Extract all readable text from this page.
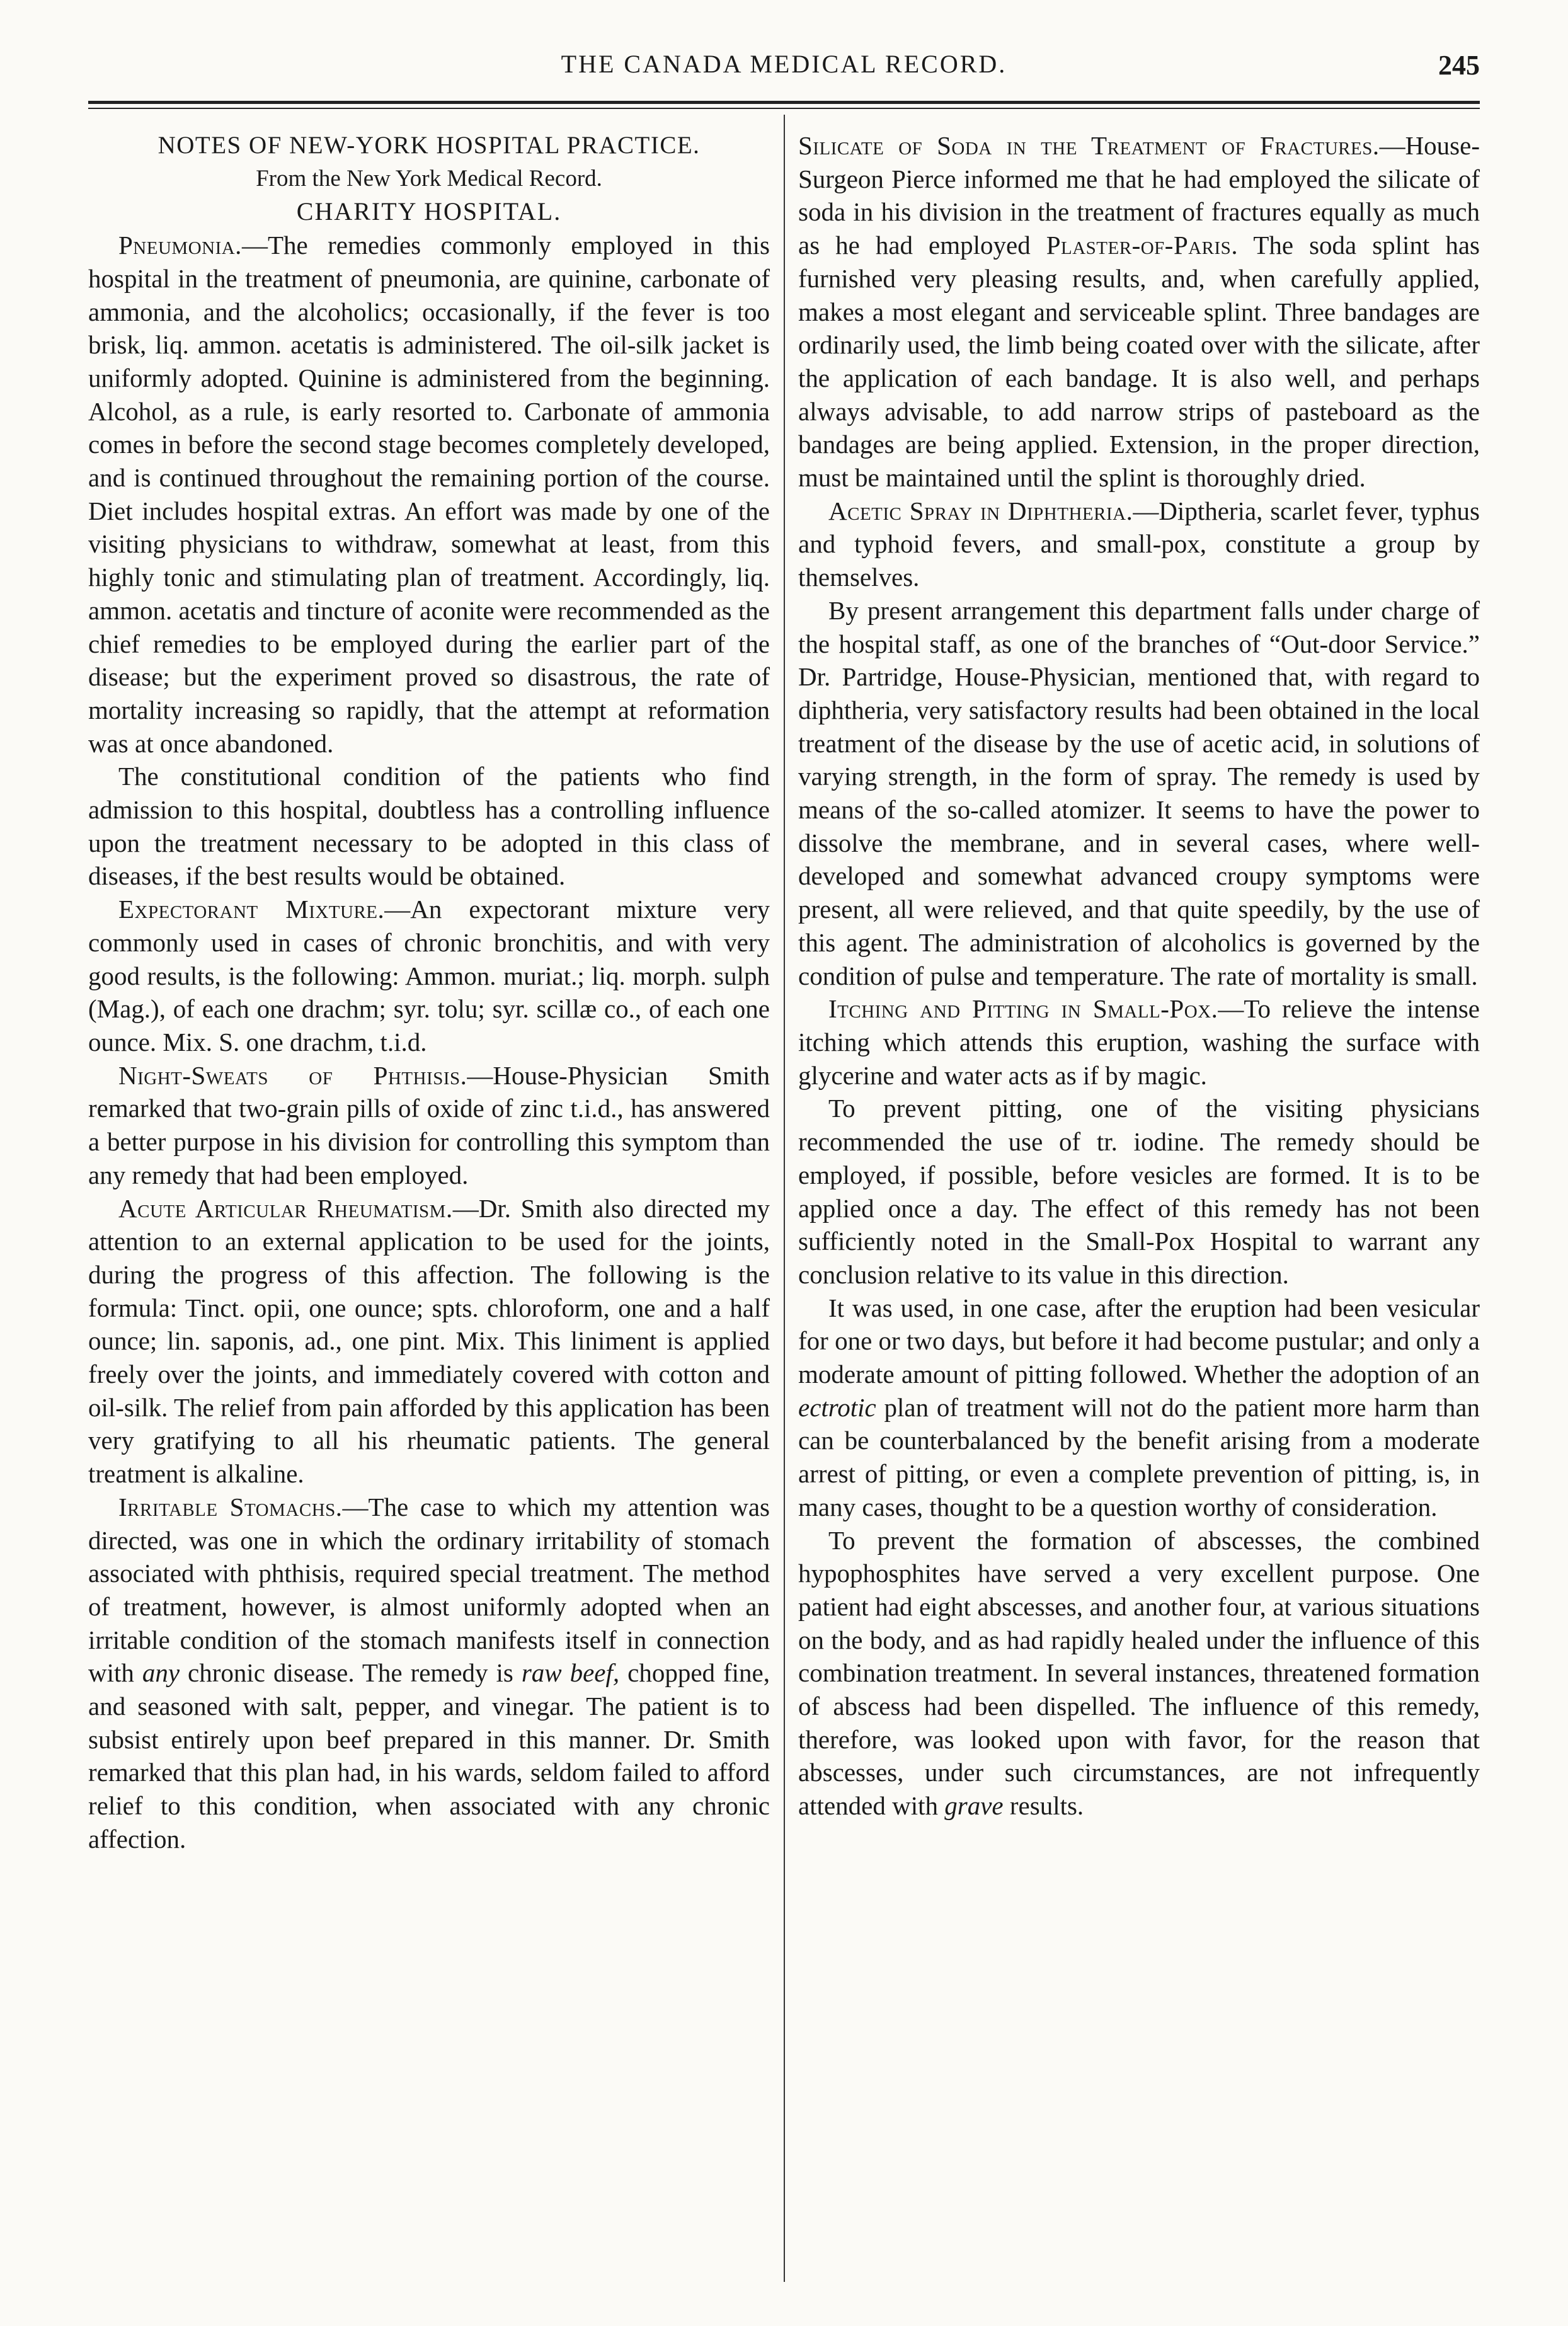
THE CANADA MEDICAL RECORD.	245

NOTES OF NEW-YORK HOSPITAL PRACTICE.

From the New York Medical Record.

CHARITY HOSPITAL.

Pneumonia.—The remedies commonly employed in this hospital in the treatment of pneumonia, are quinine, carbonate of ammonia, and the alcoholics; occasionally, if the fever is too brisk, liq. ammon. acetatis is administered. The oil-silk jacket is uniformly adopted. Quinine is administered from the beginning. Alcohol, as a rule, is early resorted to. Carbonate of ammonia comes in before the second stage becomes completely developed, and is continued throughout the remaining portion of the course. Diet includes hospital extras. An effort was made by one of the visiting physicians to withdraw, somewhat at least, from this highly tonic and stimulating plan of treatment. Accordingly, liq. ammon. acetatis and tincture of aconite were recommended as the chief remedies to be employed during the earlier part of the disease; but the experiment proved so disastrous, the rate of mortality increasing so rapidly, that the attempt at reformation was at once abandoned.

The constitutional condition of the patients who find admission to this hospital, doubtless has a controlling influence upon the treatment necessary to be adopted in this class of diseases, if the best results would be obtained.

Expectorant Mixture.—An expectorant mixture very commonly used in cases of chronic bronchitis, and with very good results, is the following: Ammon. muriat.; liq. morph. sulph (Mag.), of each one drachm; syr. tolu; syr. scillæ co., of each one ounce. Mix. S. one drachm, t.i.d.

Night-Sweats of Phthisis.—House-Physician Smith remarked that two-grain pills of oxide of zinc t.i.d., has answered a better purpose in his division for controlling this symptom than any remedy that had been employed.

Acute Articular Rheumatism.—Dr. Smith also directed my attention to an external application to be used for the joints, during the progress of this affection. The following is the formula: Tinct. opii, one ounce; spts. chloroform, one and a half ounce; lin. saponis, ad., one pint. Mix. This liniment is applied freely over the joints, and immediately covered with cotton and oil-silk. The relief from pain afforded by this application has been very gratifying to all his rheumatic patients. The general treatment is alkaline.

Irritable Stomachs.—The case to which my attention was directed, was one in which the ordinary irritability of stomach associated with phthisis, required special treatment. The method of treatment, however, is almost uniformly adopted when an irritable condition of the stomach manifests itself in connection with any chronic disease. The remedy is raw beef, chopped fine, and seasoned with salt, pepper, and vinegar. The patient is to subsist entirely upon beef prepared in this manner. Dr. Smith remarked that this plan had, in his wards, seldom failed to afford relief to this condition, when associated with any chronic affection.

Silicate of Soda in the Treatment of Fractures.—House-Surgeon Pierce informed me that he had employed the silicate of soda in his division in the treatment of fractures equally as much as he had employed Plaster-of-Paris. The soda splint has furnished very pleasing results, and, when carefully applied, makes a most elegant and serviceable splint. Three bandages are ordinarily used, the limb being coated over with the silicate, after the application of each bandage. It is also well, and perhaps always advisable, to add narrow strips of pasteboard as the bandages are being applied. Extension, in the proper direction, must be maintained until the splint is thoroughly dried.

Acetic Spray in Diphtheria.—Diptheria, scarlet fever, typhus and typhoid fevers, and small-pox, constitute a group by themselves.

By present arrangement this department falls under charge of the hospital staff, as one of the branches of “Out-door Service.” Dr. Partridge, House-Physician, mentioned that, with regard to diphtheria, very satisfactory results had been obtained in the local treatment of the disease by the use of acetic acid, in solutions of varying strength, in the form of spray. The remedy is used by means of the so-called atomizer. It seems to have the power to dissolve the membrane, and in several cases, where well-developed and somewhat advanced croupy symptoms were present, all were relieved, and that quite speedily, by the use of this agent. The administration of alcoholics is governed by the condition of pulse and temperature. The rate of mortality is small.

Itching and Pitting in Small-Pox.—To relieve the intense itching which attends this eruption, washing the surface with glycerine and water acts as if by magic.

To prevent pitting, one of the visiting physicians recommended the use of tr. iodine. The remedy should be employed, if possible, before vesicles are formed. It is to be applied once a day. The effect of this remedy has not been sufficiently noted in the Small-Pox Hospital to warrant any conclusion relative to its value in this direction.

It was used, in one case, after the eruption had been vesicular for one or two days, but before it had become pustular; and only a moderate amount of pitting followed. Whether the adoption of an ectrotic plan of treatment will not do the patient more harm than can be counterbalanced by the benefit arising from a moderate arrest of pitting, or even a complete prevention of pitting, is, in many cases, thought to be a question worthy of consideration.

To prevent the formation of abscesses, the combined hypophosphites have served a very excellent purpose. One patient had eight abscesses, and another four, at various situations on the body, and as had rapidly healed under the influence of this combination treatment. In several instances, threatened formation of abscess had been dispelled. The influence of this remedy, therefore, was looked upon with favor, for the reason that abscesses, under such circumstances, are not infrequently attended with grave results.
